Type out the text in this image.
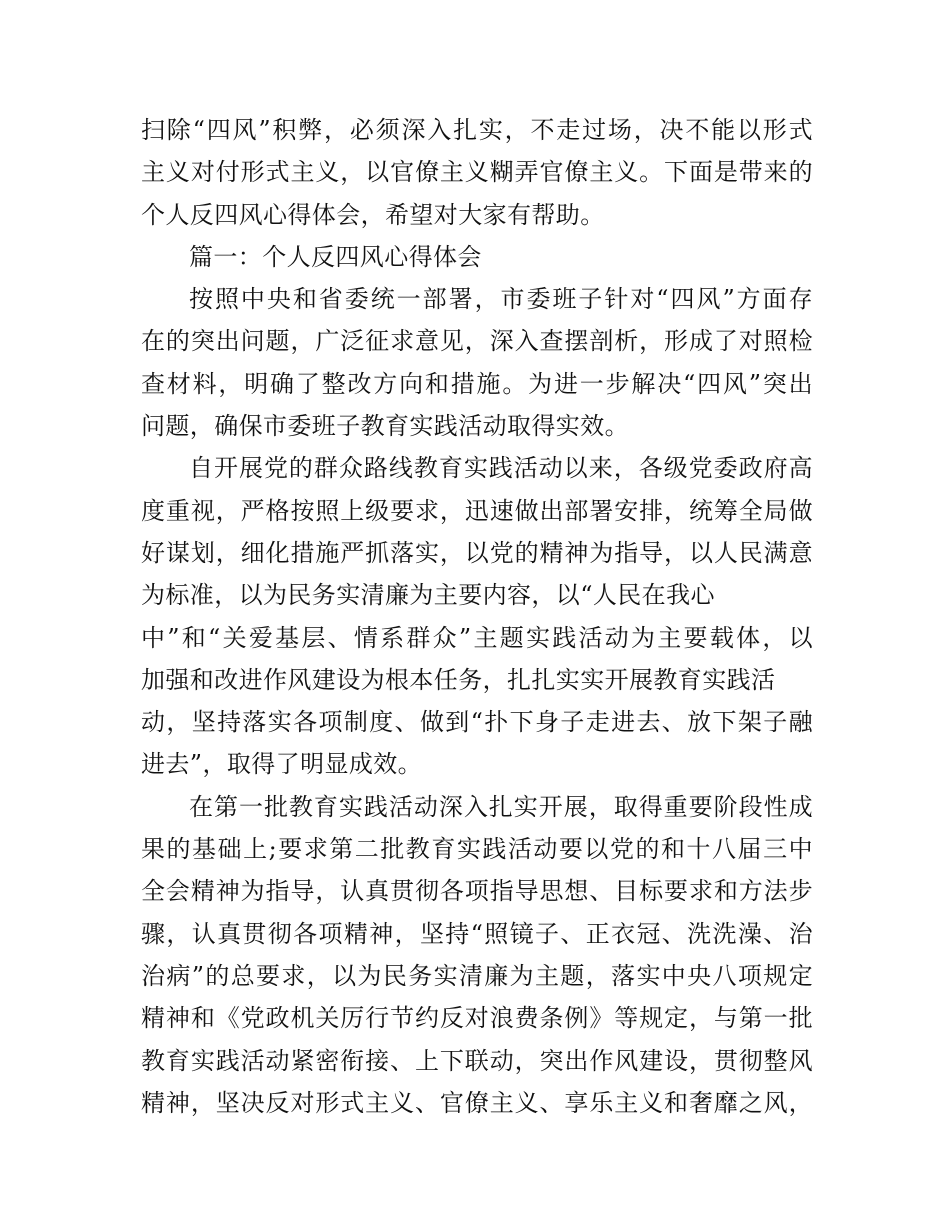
扫除“四风”积弊，必须深入扎实，不走过场，决不能以形式
主义对付形式主义，以官僚主义糊弄官僚主义。下面是带来的
个人反四风心得体会，希望对大家有帮助。
篇一：个人反四风心得体会
按照中央和省委统一部署，市委班子针对“四风”方面存
在的突出问题，广泛征求意见，深入查摆剖析，形成了对照检
查材料，明确了整改方向和措施。为进一步解决“四风”突出
问题，确保市委班子教育实践活动取得实效。
自开展党的群众路线教育实践活动以来，各级党委政府高
度重视，严格按照上级要求，迅速做出部署安排，统筹全局做
好谋划，细化措施严抓落实，以党的精神为指导，以人民满意
为标准，以为民务实清廉为主要内容，以“人民在我心
中”和“关爱基层、情系群众”主题实践活动为主要载体，以
加强和改进作风建设为根本任务，扎扎实实开展教育实践活
动，坚持落实各项制度、做到“扑下身子走进去、放下架子融
进去”，取得了明显成效。
在第一批教育实践活动深入扎实开展，取得重要阶段性成
果的基础上;要求第二批教育实践活动要以党的和十八届三中
全会精神为指导，认真贯彻各项指导思想、目标要求和方法步
骤，认真贯彻各项精神，坚持“照镜子、正衣冠、洗洗澡、治
治病”的总要求，以为民务实清廉为主题，落实中央八项规定
精神和《党政机关厉行节约反对浪费条例》等规定，与第一批
教育实践活动紧密衔接、上下联动，突出作风建设，贯彻整风
精神，坚决反对形式主义、官僚主义、享乐主义和奢靡之风，
